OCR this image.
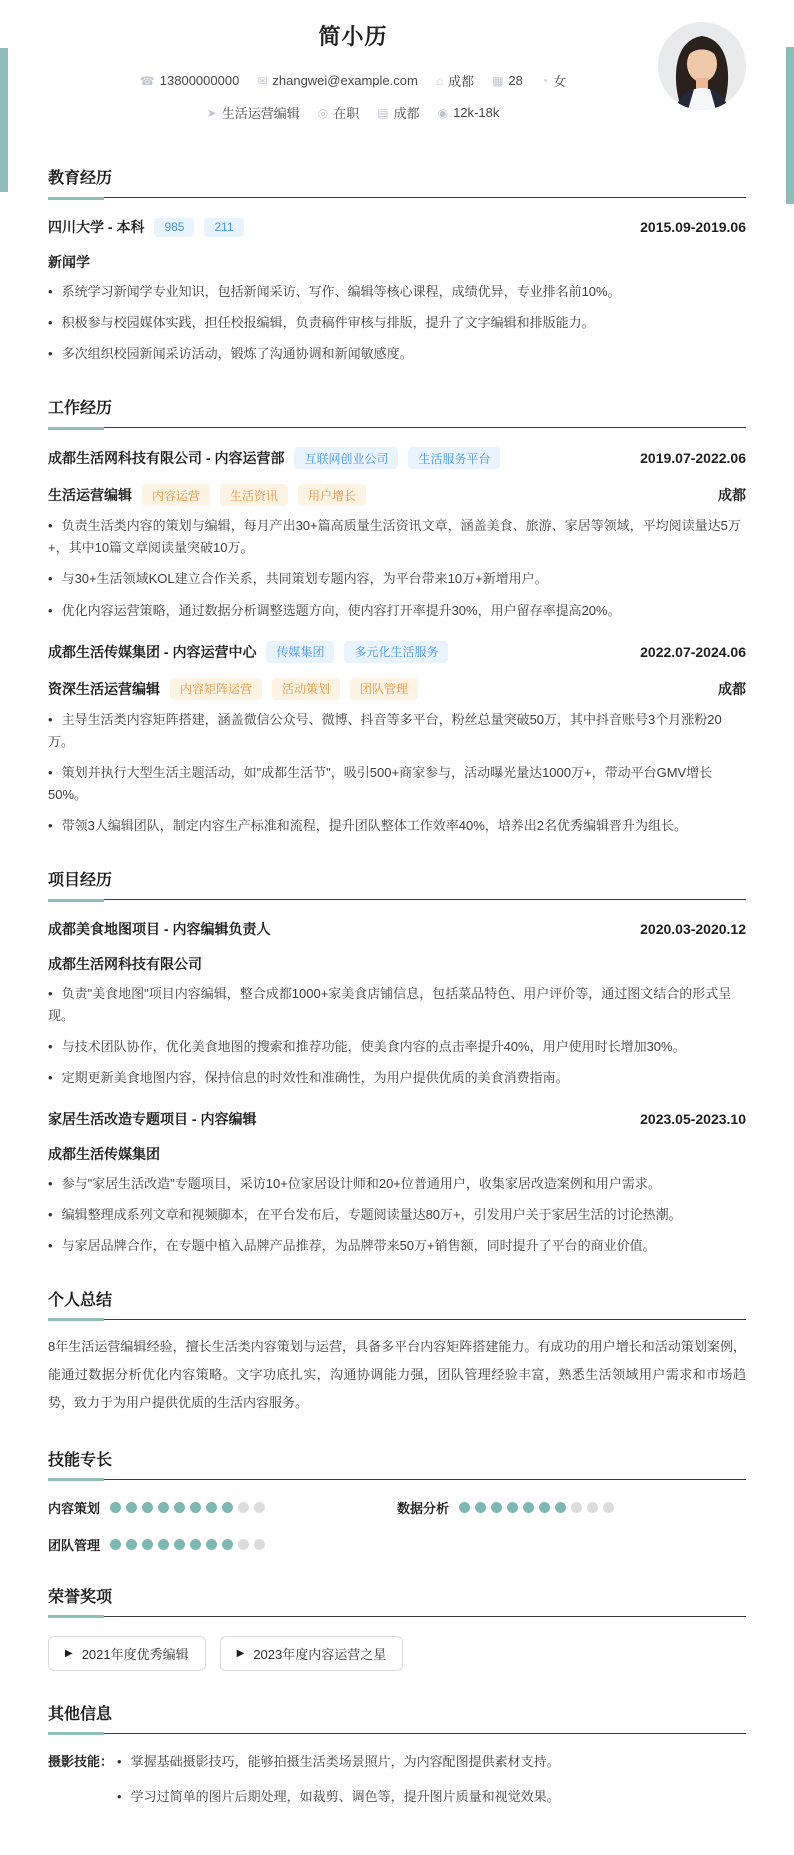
简小历
☎ 13800000000 ✉ zhangwei@example.com ⌂ 成都 ▦ 28 ◔ 女
➤ 生活运营编辑 ◎ 在职 ▤ 成都 ◉ 12k-18k
教育经历
四川大学 - 本科	985	211	2015.09-2019.06
新闻学

• 系统学习新闻学专业知识，包括新闻采访、写作、编辑等核心课程，成绩优异，专业排名前10%。

• 积极参与校园媒体实践，担任校报编辑，负责稿件审核与排版，提升了文字编辑和排版能力。

• 多次组织校园新闻采访活动，锻炼了沟通协调和新闻敏感度。

工作经历
成都生活网科技有限公司 - 内容运营部	互联网创业公司	生活服务平台	2019.07-2022.06
生活运营编辑	内容运营	生活资讯	用户增长	成都

• 负责生活类内容的策划与编辑，每月产出30+篇高质量生活资讯文章，涵盖美食、旅游、家居等领域，平均阅读量达5万+，其中10篇文章阅读量突破10万。

• 与30+生活领域KOL建立合作关系，共同策划专题内容，为平台带来10万+新增用户。

• 优化内容运营策略，通过数据分析调整选题方向，使内容打开率提升30%，用户留存率提高20%。

成都生活传媒集团 - 内容运营中心	传媒集团	多元化生活服务	2022.07-2024.06
资深生活运营编辑	内容矩阵运营	活动策划	团队管理	成都

• 主导生活类内容矩阵搭建，涵盖微信公众号、微博、抖音等多平台，粉丝总量突破50万，其中抖音账号3个月涨粉20万。

• 策划并执行大型生活主题活动，如"成都生活节"，吸引500+商家参与，活动曝光量达1000万+，带动平台GMV增长50%。

• 带领3人编辑团队，制定内容生产标准和流程，提升团队整体工作效率40%，培养出2名优秀编辑晋升为组长。

项目经历
成都美食地图项目 - 内容编辑负责人	2020.03-2020.12
成都生活网科技有限公司

• 负责"美食地图"项目内容编辑，整合成都1000+家美食店铺信息，包括菜品特色、用户评价等，通过图文结合的形式呈现。

• 与技术团队协作，优化美食地图的搜索和推荐功能，使美食内容的点击率提升40%，用户使用时长增加30%。

• 定期更新美食地图内容，保持信息的时效性和准确性，为用户提供优质的美食消费指南。

家居生活改造专题项目 - 内容编辑	2023.05-2023.10
成都生活传媒集团

• 参与"家居生活改造"专题项目，采访10+位家居设计师和20+位普通用户，收集家居改造案例和用户需求。

• 编辑整理成系列文章和视频脚本，在平台发布后，专题阅读量达80万+，引发用户关于家居生活的讨论热潮。

• 与家居品牌合作，在专题中植入品牌产品推荐，为品牌带来50万+销售额，同时提升了平台的商业价值。

个人总结

8年生活运营编辑经验，擅长生活类内容策划与运营，具备多平台内容矩阵搭建能力。有成功的用户增长和活动策划案例，能通过数据分析优化内容策略。文字功底扎实，沟通协调能力强，团队管理经验丰富，熟悉生活领域用户需求和市场趋势，致力于为用户提供优质的生活内容服务。

技能专长
内容策划	数据分析
团队管理
荣誉奖项
▶ 2021年度优秀编辑	▶ 2023年度内容运营之星
其他信息
摄影技能： • 掌握基础摄影技巧，能够拍摄生活类场景照片，为内容配图提供素材支持。

• 学习过简单的图片后期处理，如裁剪、调色等，提升图片质量和视觉效果。
